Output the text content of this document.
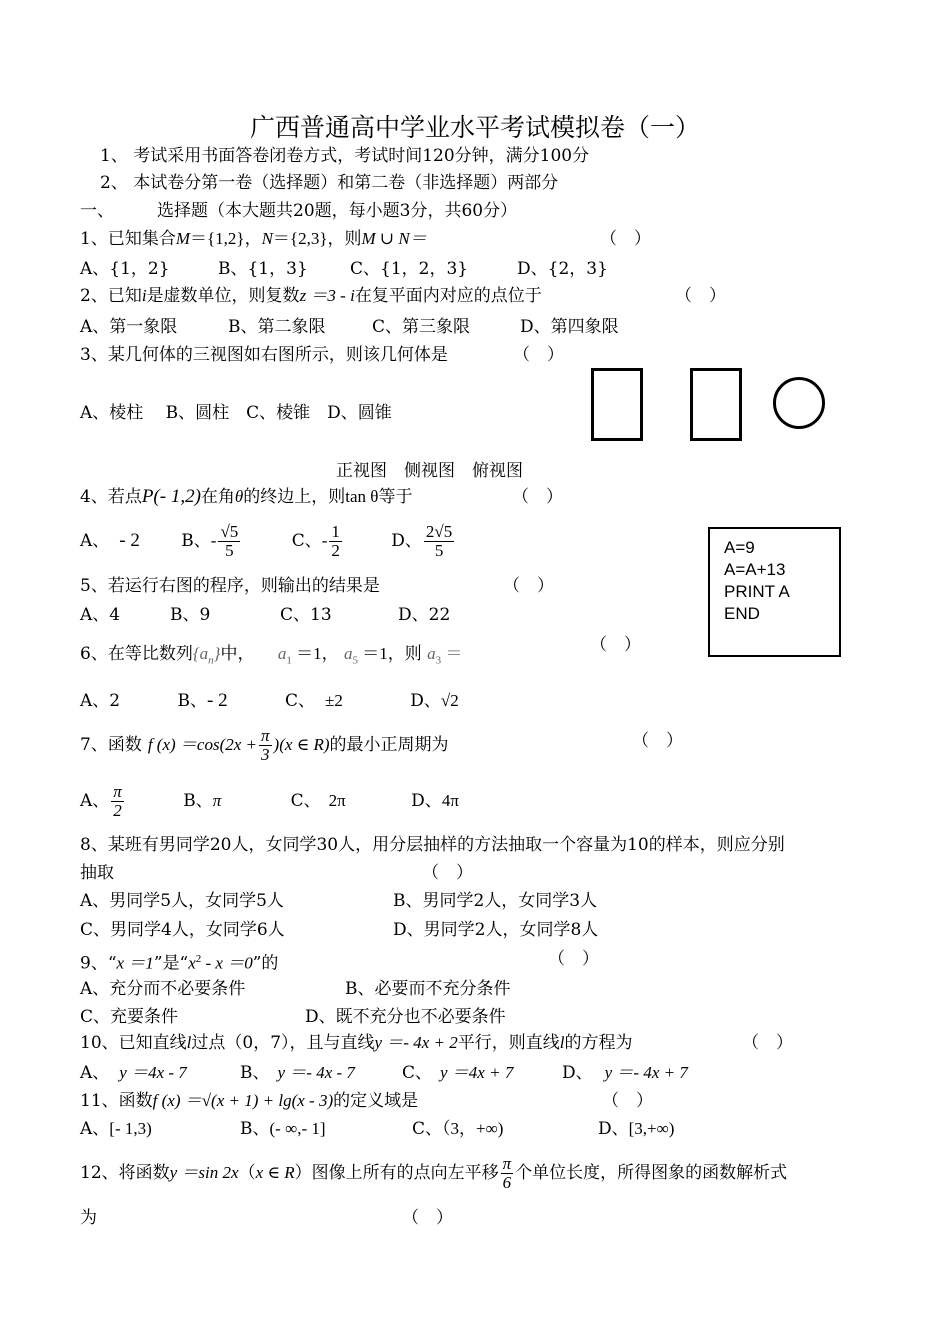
广西普通高中学业水平考试模拟卷（一）
1、 考试采用书面答卷闭卷方式，考试时间120分钟，满分100分
2、 本试卷分第一卷（选择题）和第二卷（非选择题）两部分
一、	选择题（本大题共20题，每小题3分，共60分）
1、已知集合M＝{1,2}，N＝{2,3}，则M ∪ N＝	（　）
A、{1，2}	B、{1，3} C、{1，2，3}	D、{2，3}
2、已知i是虚数单位，则复数z ＝3 - i在复平面内对应的点位于	（　）
A、第一象限	B、第二象限	C、第三象限	D、第四象限
3、某几何体的三视图如右图所示，则该几何体是	（　）
A、棱柱　 B、圆柱　C、棱锥　D、圆锥
正视图　侧视图　俯视图
4、若点P(- 1,2)在角θ的终边上，则tan θ等于	（　）
A、 - 2 B、- $\frac{√5}{5}$	C、- $\frac{1}{2}$	D、 $\frac{2√5}{5}$	A=9
A=A+13
PRINT A
END
5、若运行右图的程序，则输出的结果是	（　）
A、4	B、9	C、13	D、22
6、在等比数列$\{a_n\}$中， $a_1 =1$， $a_5 =1$，则 $a_3$ ＝	（　）
A、2	B、- 2	C、 ±2	D、√2
7、函数 f $(x) =\cos(2x + \frac{\pi}{3} )(x$ ∈ R)的最小正周期为	（　）
A、 $\frac{\pi}{2}$	B、π	C、 2π	D、4π
8、某班有男同学20人，女同学30人，用分层抽样的方法抽取一个容量为10的样本，则应分别
抽取	（　）
A、男同学5人，女同学5人	B、男同学2人，女同学3人
C、男同学4人，女同学6人	D、男同学2人，女同学8人
9、“x ＝1”是“$x^2 - x =0$”的	（　）
A、充分而不必要条件	B、必要而不充分条件
C、充要条件	D、既不充分也不必要条件
10、已知直线l过点（0，7），且与直线y ＝- 4x + 2平行，则直线l的方程为	（　）
A、 y ＝4x - 7	B、 y ＝- 4x - 7	C、 y ＝4x + 7	D、 y ＝- 4x + 7
11、函数f (x) ＝√(x + 1) + lg(x - 3)的定义域是	（　）
A、[- 1,3)	B、(- ∞,- 1]	C、（3，+∞)	D、[3,+∞)
12、将函数y ＝sin 2x（x ∈ R）图像上所有的点向左平移 $\frac{\pi}{6}$ 个单位长度，所得图象的函数解析式
为	（　）
